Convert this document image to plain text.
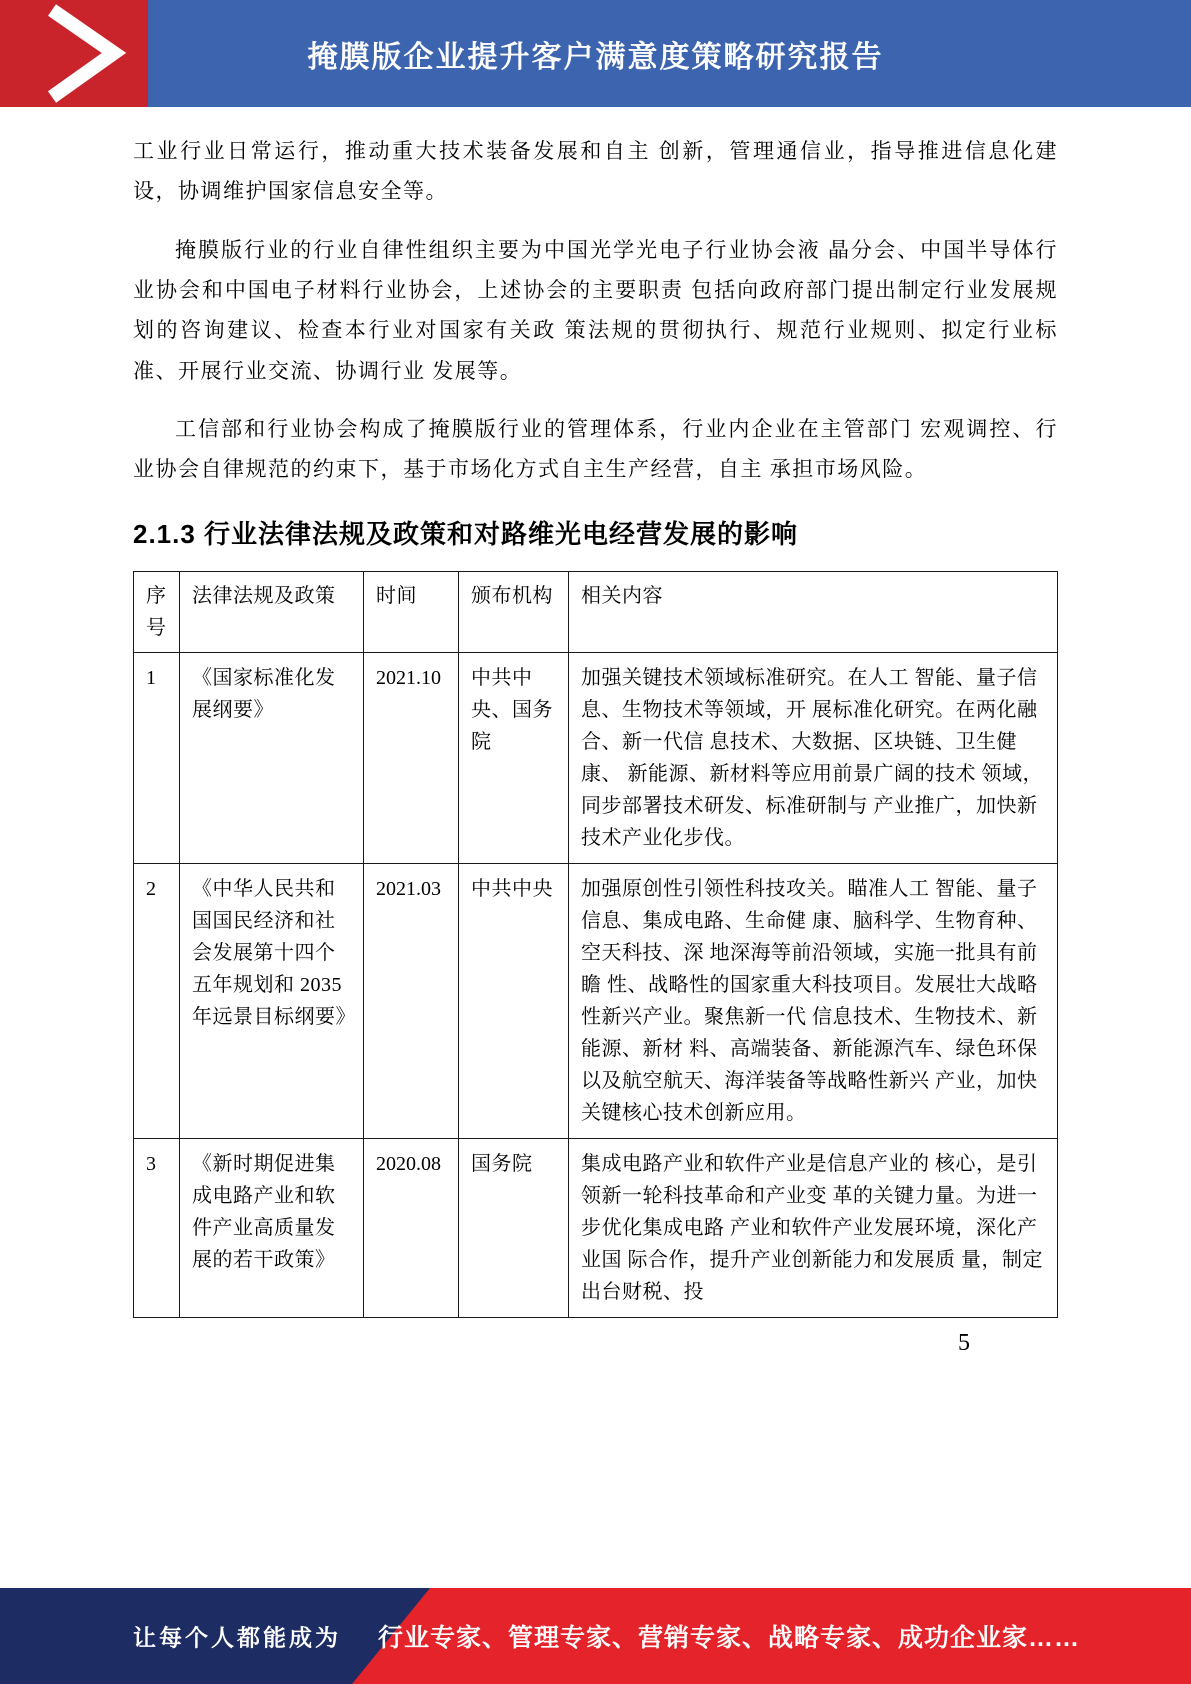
掩膜版企业提升客户满意度策略研究报告

工业行业日常运行，推动重大技术装备发展和自主 创新，管理通信业，指导推进信息化建设，协调维护国家信息安全等。

掩膜版行业的行业自律性组织主要为中国光学光电子行业协会液 晶分会、中国半导体行业协会和中国电子材料行业协会，上述协会的主要职责 包括向政府部门提出制定行业发展规划的咨询建议、检查本行业对国家有关政 策法规的贯彻执行、规范行业规则、拟定行业标准、开展行业交流、协调行业 发展等。

工信部和行业协会构成了掩膜版行业的管理体系，行业内企业在主管部门 宏观调控、行业协会自律规范的约束下，基于市场化方式自主生产经营，自主 承担市场风险。

2.1.3 行业法律法规及政策和对路维光电经营发展的影响
序号	法律法规及政策	时间	颁布机构	相关内容
1	《国家标准化发展纲要》	2021.10	中共中央、国务院	加强关键技术领域标准研究。在人工 智能、量子信息、生物技术等领域，开 展标准化研究。在两化融合、新一代信 息技术、大数据、区块链、卫生健康、 新能源、新材料等应用前景广阔的技术 领域，同步部署技术研发、标准研制与 产业推广，加快新技术产业化步伐。
2	《中华人民共和国国民经济和社会发展第十四个五年规划和 2035 年远景目标纲要》	2021.03	中共中央	加强原创性引领性科技攻关。瞄准人工 智能、量子信息、集成电路、生命健 康、脑科学、生物育种、空天科技、深 地深海等前沿领域，实施一批具有前瞻 性、战略性的国家重大科技项目。发展壮大战略性新兴产业。聚焦新一代 信息技术、生物技术、新能源、新材 料、高端装备、新能源汽车、绿色环保 以及航空航天、海洋装备等战略性新兴 产业，加快关键核心技术创新应用。
3	《新时期促进集成电路产业和软件产业高质量发展的若干政策》	2020.08	国务院	集成电路产业和软件产业是信息产业的 核心，是引领新一轮科技革命和产业变 革的关键力量。为进一步优化集成电路 产业和软件产业发展环境，深化产业国 际合作，提升产业创新能力和发展质 量，制定出台财税、投
5
让每个人都能成为 行业专家、管理专家、营销专家、战略专家、成功企业家……
